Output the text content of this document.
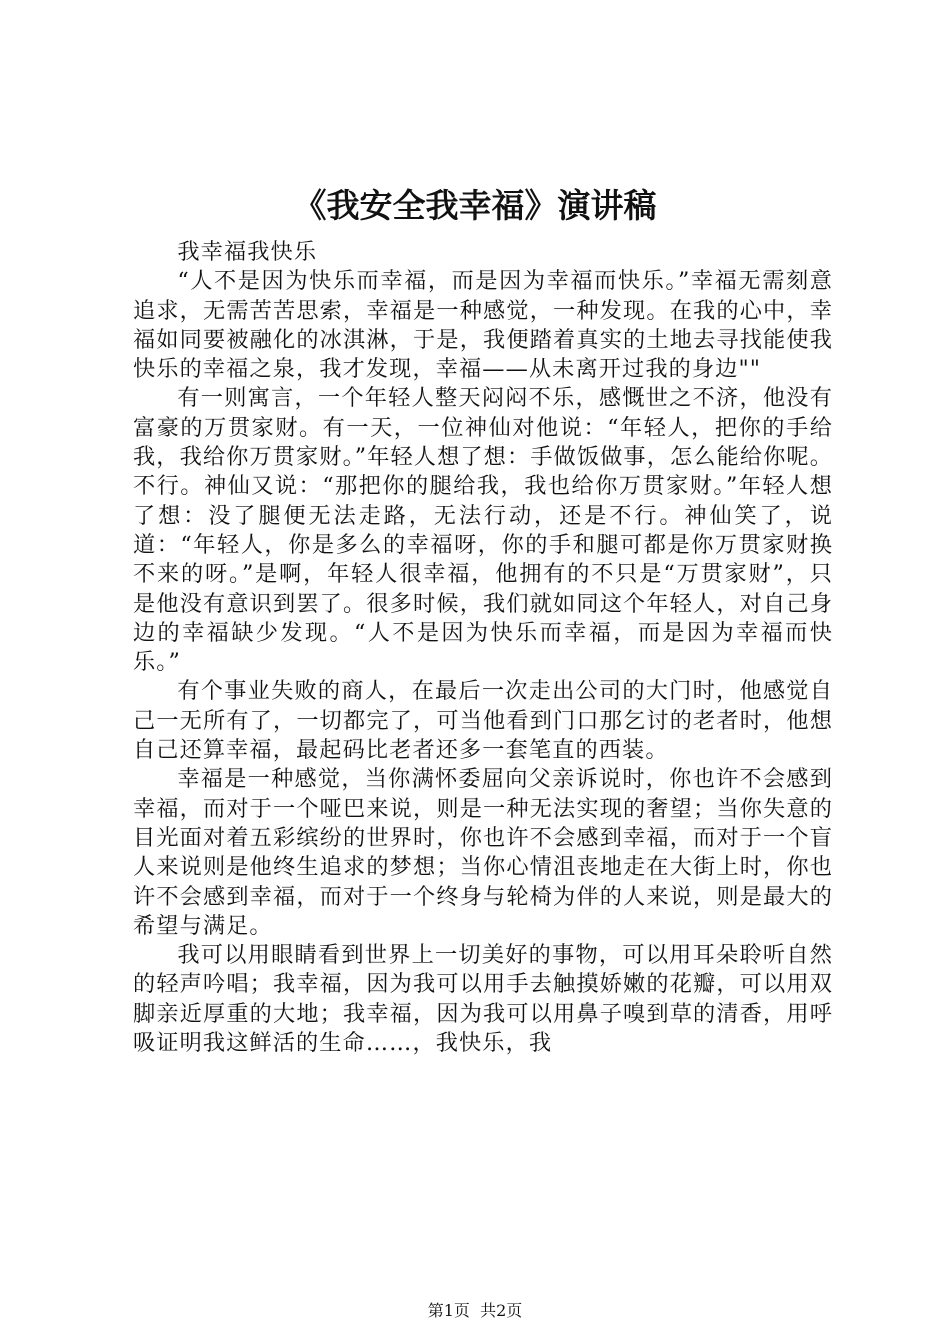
《我安全我幸福》演讲稿

我幸福我快乐

“人不是因为快乐而幸福，而是因为幸福而快乐。”幸福无需刻意追求，无需苦苦思索，幸福是一种感觉，一种发现。在我的心中，幸福如同要被融化的冰淇淋，于是，我便踏着真实的土地去寻找能使我快乐的幸福之泉，我才发现，幸福——从未离开过我的身边""

有一则寓言，一个年轻人整天闷闷不乐，感慨世之不济，他没有富豪的万贯家财。有一天，一位神仙对他说：“年轻人，把你的手给我，我给你万贯家财。”年轻人想了想：手做饭做事，怎么能给你呢。不行。神仙又说：“那把你的腿给我，我也给你万贯家财。”年轻人想了想：没了腿便无法走路，无法行动，还是不行。神仙笑了，说道：“年轻人，你是多么的幸福呀，你的手和腿可都是你万贯家财换不来的呀。”是啊，年轻人很幸福，他拥有的不只是“万贯家财”，只是他没有意识到罢了。很多时候，我们就如同这个年轻人，对自己身边的幸福缺少发现。“人不是因为快乐而幸福，而是因为幸福而快乐。”

有个事业失败的商人，在最后一次走出公司的大门时，他感觉自己一无所有了，一切都完了，可当他看到门口那乞讨的老者时，他想自己还算幸福，最起码比老者还多一套笔直的西装。

幸福是一种感觉，当你满怀委屈向父亲诉说时，你也许不会感到幸福，而对于一个哑巴来说，则是一种无法实现的奢望；当你失意的目光面对着五彩缤纷的世界时，你也许不会感到幸福，而对于一个盲人来说则是他终生追求的梦想；当你心情沮丧地走在大街上时，你也许不会感到幸福，而对于一个终身与轮椅为伴的人来说，则是最大的希望与满足。

我可以用眼睛看到世界上一切美好的事物，可以用耳朵聆听自然的轻声吟唱；我幸福，因为我可以用手去触摸娇嫩的花瓣，可以用双脚亲近厚重的大地；我幸福，因为我可以用鼻子嗅到草的清香，用呼吸证明我这鲜活的生命……，我快乐，我

第1页 共2页
